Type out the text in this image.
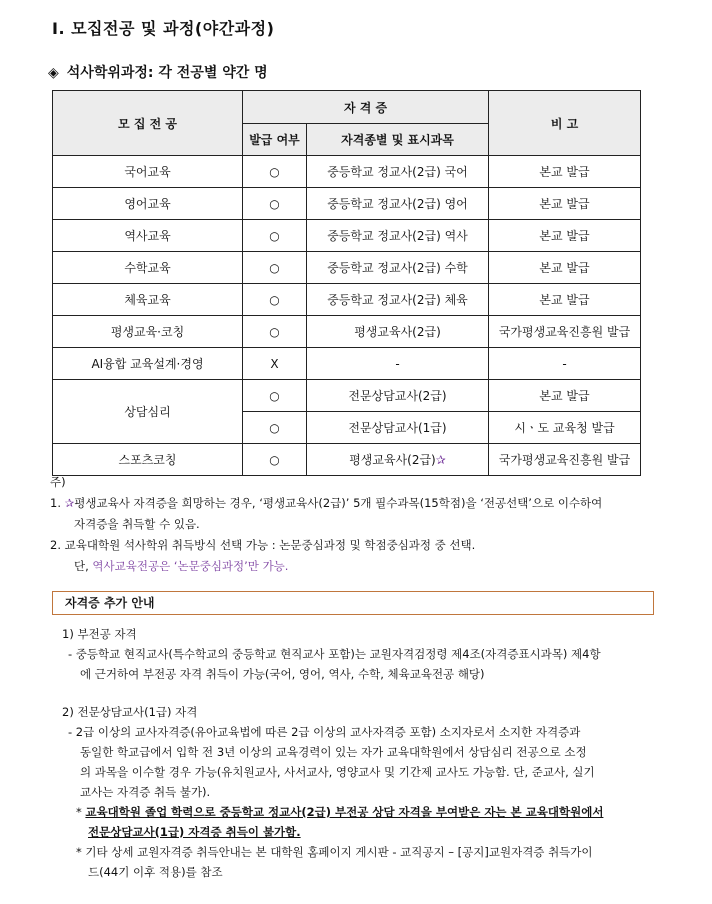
Ⅰ. 모집전공 및 과정(야간과정)
◈ 석사학위과정: 각 전공별 약간 명
모 집 전 공	자 격 증		비 고
	발급 여부	자격종별 및 표시과목	
국어교육	○	중등학교 정교사(2급) 국어	본교 발급
영어교육	○	중등학교 정교사(2급) 영어	본교 발급
역사교육	○	중등학교 정교사(2급) 역사	본교 발급
수학교육	○	중등학교 정교사(2급) 수학	본교 발급
체육교육	○	중등학교 정교사(2급) 체육	본교 발급
평생교육·코칭	○	평생교육사(2급)	국가평생교육진흥원 발급
AI융합 교육설계·경영	X	-	-
상담심리	○	전문상담교사(2급)	본교 발급
	○	전문상담교사(1급)	시ㆍ도 교육청 발급
스포츠코칭	○	평생교육사(2급)✰	국가평생교육진흥원 발급

주)

1. ✰평생교육사 자격증을 희망하는 경우, ‘평생교육사(2급)’ 5개 필수과목(15학점)을 ‘전공선택’으로 이수하여

자격증을 취득할 수 있음.

2. 교육대학원 석사학위 취득방식 선택 가능 : 논문중심과정 및 학점중심과정 중 선택.

단, 역사교육전공은 ‘논문중심과정’만 가능.

자격증 추가 안내

1) 부전공 자격

- 중등학교 현직교사(특수학교의 중등학교 현직교사 포함)는 교원자격검정령 제4조(자격증표시과목) 제4항

에 근거하여 부전공 자격 취득이 가능(국어, 영어, 역사, 수학, 체육교육전공 해당)

2) 전문상담교사(1급) 자격

- 2급 이상의 교사자격증(유아교육법에 따른 2급 이상의 교사자격증 포함) 소지자로서 소지한 자격증과

동일한 학교급에서 입학 전 3년 이상의 교육경력이 있는 자가 교육대학원에서 상담심리 전공으로 소정

의 과목을 이수할 경우 가능(유치원교사, 사서교사, 영양교사 및 기간제 교사도 가능함. 단, 준교사, 실기

교사는 자격증 취득 불가).

* 교육대학원 졸업 학력으로 중등학교 정교사(2급) 부전공 상담 자격을 부여받은 자는 본 교육대학원에서

전문상담교사(1급) 자격증 취득이 불가함.

* 기타 상세 교원자격증 취득안내는 본 대학원 홈페이지 게시판 - 교직공지 – [공지]교원자격증 취득가이

드(44기 이후 적용)를 참조
